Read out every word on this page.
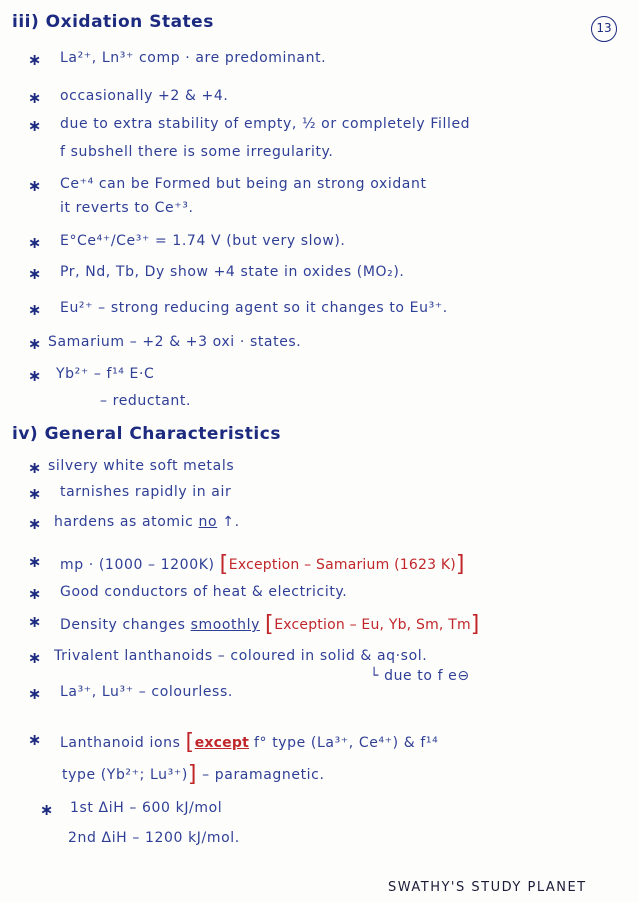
iii) Oxidation States	13
∗ La²⁺, Ln³⁺ comp · are predominant.
∗ occasionally +2 & +4.
∗ due to extra stability of empty, ½ or completely Filled
f subshell there is some irregularity.
∗ Ce⁺⁴ can be Formed but being an strong oxidant
it reverts to Ce⁺³.
∗ E°Ce⁴⁺/Ce³⁺ = 1.74 V (but very slow).
∗ Pr, Nd, Tb, Dy show +4 state in oxides (MO₂).
∗ Eu²⁺ – strong reducing agent so it changes to Eu³⁺.
∗ Samarium – +2 & +3 oxi · states.
∗ Yb²⁺ – f¹⁴ E·C
– reductant.
iv) General Characteristics
∗ silvery white soft metals
∗ tarnishes rapidly in air
∗ hardens as atomic no ↑.
∗ mp · (1000 – 1200K) [Exception – Samarium (1623 K)]
∗ Good conductors of heat & electricity.
∗ Density changes smoothly [Exception – Eu, Yb, Sm, Tm]
∗ Trivalent lanthanoids – coloured in solid & aq·sol.
└ due to f e⊖
∗ La³⁺, Lu³⁺ – colourless.
∗ Lanthanoid ions [except f° type (La³⁺, Ce⁴⁺) & f¹⁴
type (Yb²⁺; Lu³⁺)] – paramagnetic.
∗ 1st ΔiH – 600 kJ/mol
2nd ΔiH – 1200 kJ/mol.
SWATHY'S STUDY PLANET
